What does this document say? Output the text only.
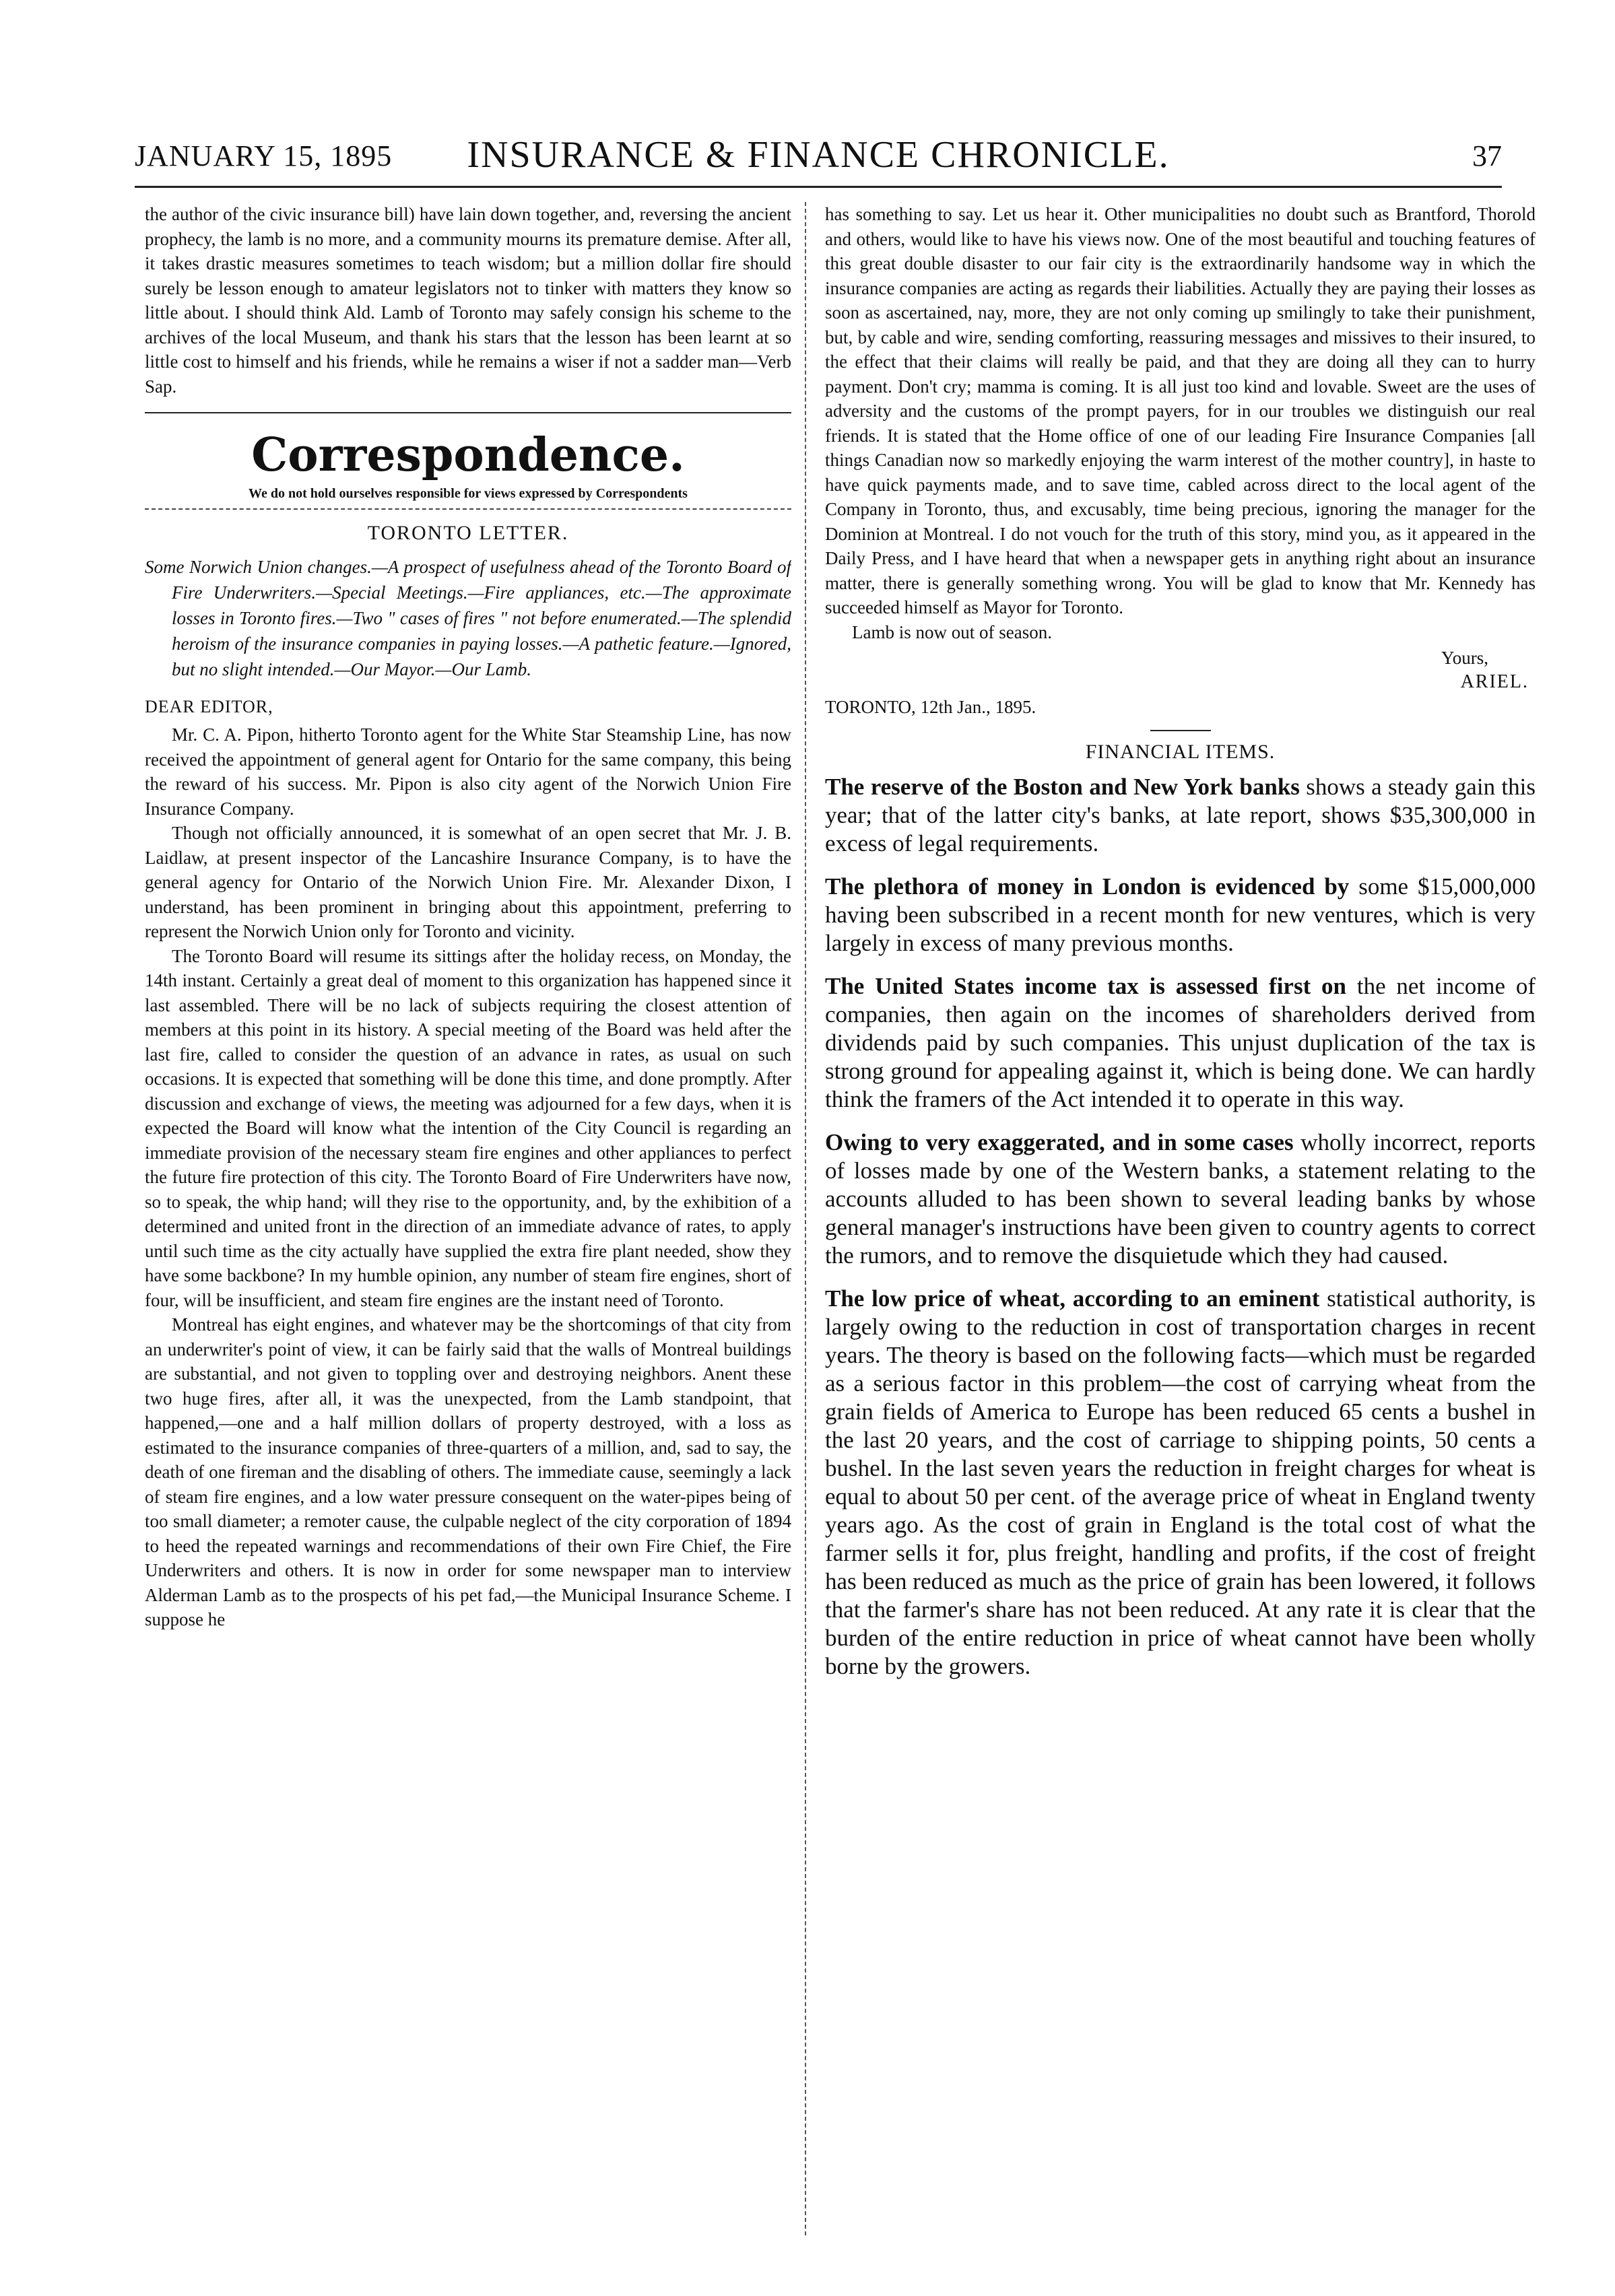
JANUARY 15, 1895	INSURANCE & FINANCE CHRONICLE.	37

the author of the civic insurance bill) have lain down together, and, reversing the ancient prophecy, the lamb is no more, and a community mourns its premature demise. After all, it takes drastic measures sometimes to teach wisdom; but a million dollar fire should surely be lesson enough to amateur legislators not to tinker with matters they know so little about. I should think Ald. Lamb of Toronto may safely consign his scheme to the archives of the local Museum, and thank his stars that the lesson has been learnt at so little cost to himself and his friends, while he remains a wiser if not a sadder man—Verb Sap.

Correspondence.
We do not hold ourselves responsible for views expressed by Correspondents
TORONTO LETTER.

Some Norwich Union changes.—A prospect of usefulness ahead of the Toronto Board of Fire Underwriters.—Special Meetings.—Fire appliances, etc.—The approximate losses in Toronto fires.—Two " cases of fires " not before enumerated.—The splendid heroism of the insurance companies in paying losses.—A pathetic feature.—Ignored, but no slight intended.—Our Mayor.—Our Lamb.

DEAR EDITOR,

Mr. C. A. Pipon, hitherto Toronto agent for the White Star Steamship Line, has now received the appointment of general agent for Ontario for the same company, this being the reward of his success. Mr. Pipon is also city agent of the Norwich Union Fire Insurance Company.

Though not officially announced, it is somewhat of an open secret that Mr. J. B. Laidlaw, at present inspector of the Lancashire Insurance Company, is to have the general agency for Ontario of the Norwich Union Fire. Mr. Alexander Dixon, I understand, has been prominent in bringing about this appointment, preferring to represent the Norwich Union only for Toronto and vicinity.

The Toronto Board will resume its sittings after the holiday recess, on Monday, the 14th instant. Certainly a great deal of moment to this organization has happened since it last assembled. There will be no lack of subjects requiring the closest attention of members at this point in its history. A special meeting of the Board was held after the last fire, called to consider the question of an advance in rates, as usual on such occasions. It is expected that something will be done this time, and done promptly. After discussion and exchange of views, the meeting was adjourned for a few days, when it is expected the Board will know what the intention of the City Council is regarding an immediate provision of the necessary steam fire engines and other appliances to perfect the future fire protection of this city. The Toronto Board of Fire Underwriters have now, so to speak, the whip hand; will they rise to the opportunity, and, by the exhibition of a determined and united front in the direction of an immediate advance of rates, to apply until such time as the city actually have supplied the extra fire plant needed, show they have some backbone? In my humble opinion, any number of steam fire engines, short of four, will be insufficient, and steam fire engines are the instant need of Toronto.

Montreal has eight engines, and whatever may be the shortcomings of that city from an underwriter's point of view, it can be fairly said that the walls of Montreal buildings are substantial, and not given to toppling over and destroying neighbors. Anent these two huge fires, after all, it was the unexpected, from the Lamb standpoint, that happened,—one and a half million dollars of property destroyed, with a loss as estimated to the insurance companies of three-quarters of a million, and, sad to say, the death of one fireman and the disabling of others. The immediate cause, seemingly a lack of steam fire engines, and a low water pressure consequent on the water-pipes being of too small diameter; a remoter cause, the culpable neglect of the city corporation of 1894 to heed the repeated warnings and recommendations of their own Fire Chief, the Fire Underwriters and others. It is now in order for some newspaper man to interview Alderman Lamb as to the prospects of his pet fad,—the Municipal Insurance Scheme. I suppose he

has something to say. Let us hear it. Other municipalities no doubt such as Brantford, Thorold and others, would like to have his views now. One of the most beautiful and touching features of this great double disaster to our fair city is the extraordinarily handsome way in which the insurance companies are acting as regards their liabilities. Actually they are paying their losses as soon as ascertained, nay, more, they are not only coming up smilingly to take their punishment, but, by cable and wire, sending comforting, reassuring messages and missives to their insured, to the effect that their claims will really be paid, and that they are doing all they can to hurry payment. Don't cry; mamma is coming. It is all just too kind and lovable. Sweet are the uses of adversity and the customs of the prompt payers, for in our troubles we distinguish our real friends. It is stated that the Home office of one of our leading Fire Insurance Companies [all things Canadian now so markedly enjoying the warm interest of the mother country], in haste to have quick payments made, and to save time, cabled across direct to the local agent of the Company in Toronto, thus, and excusably, time being precious, ignoring the manager for the Dominion at Montreal. I do not vouch for the truth of this story, mind you, as it appeared in the Daily Press, and I have heard that when a newspaper gets in anything right about an insurance matter, there is generally something wrong. You will be glad to know that Mr. Kennedy has succeeded himself as Mayor for Toronto.

Lamb is now out of season.

Yours,
ARIEL.
TORONTO, 12th Jan., 1895.
FINANCIAL ITEMS.

The reserve of the Boston and New York banks shows a steady gain this year; that of the latter city's banks, at late report, shows $35,300,000 in excess of legal requirements.

The plethora of money in London is evidenced by some $15,000,000 having been subscribed in a recent month for new ventures, which is very largely in excess of many previous months.

The United States income tax is assessed first on the net income of companies, then again on the incomes of shareholders derived from dividends paid by such companies. This unjust duplication of the tax is strong ground for appealing against it, which is being done. We can hardly think the framers of the Act intended it to operate in this way.

Owing to very exaggerated, and in some cases wholly incorrect, reports of losses made by one of the Western banks, a statement relating to the accounts alluded to has been shown to several leading banks by whose general manager's instructions have been given to country agents to correct the rumors, and to remove the disquietude which they had caused.

The low price of wheat, according to an eminent statistical authority, is largely owing to the reduction in cost of transportation charges in recent years. The theory is based on the following facts—which must be regarded as a serious factor in this problem—the cost of carrying wheat from the grain fields of America to Europe has been reduced 65 cents a bushel in the last 20 years, and the cost of carriage to shipping points, 50 cents a bushel. In the last seven years the reduction in freight charges for wheat is equal to about 50 per cent. of the average price of wheat in England twenty years ago. As the cost of grain in England is the total cost of what the farmer sells it for, plus freight, handling and profits, if the cost of freight has been reduced as much as the price of grain has been lowered, it follows that the farmer's share has not been reduced. At any rate it is clear that the burden of the entire reduction in price of wheat cannot have been wholly borne by the growers.
